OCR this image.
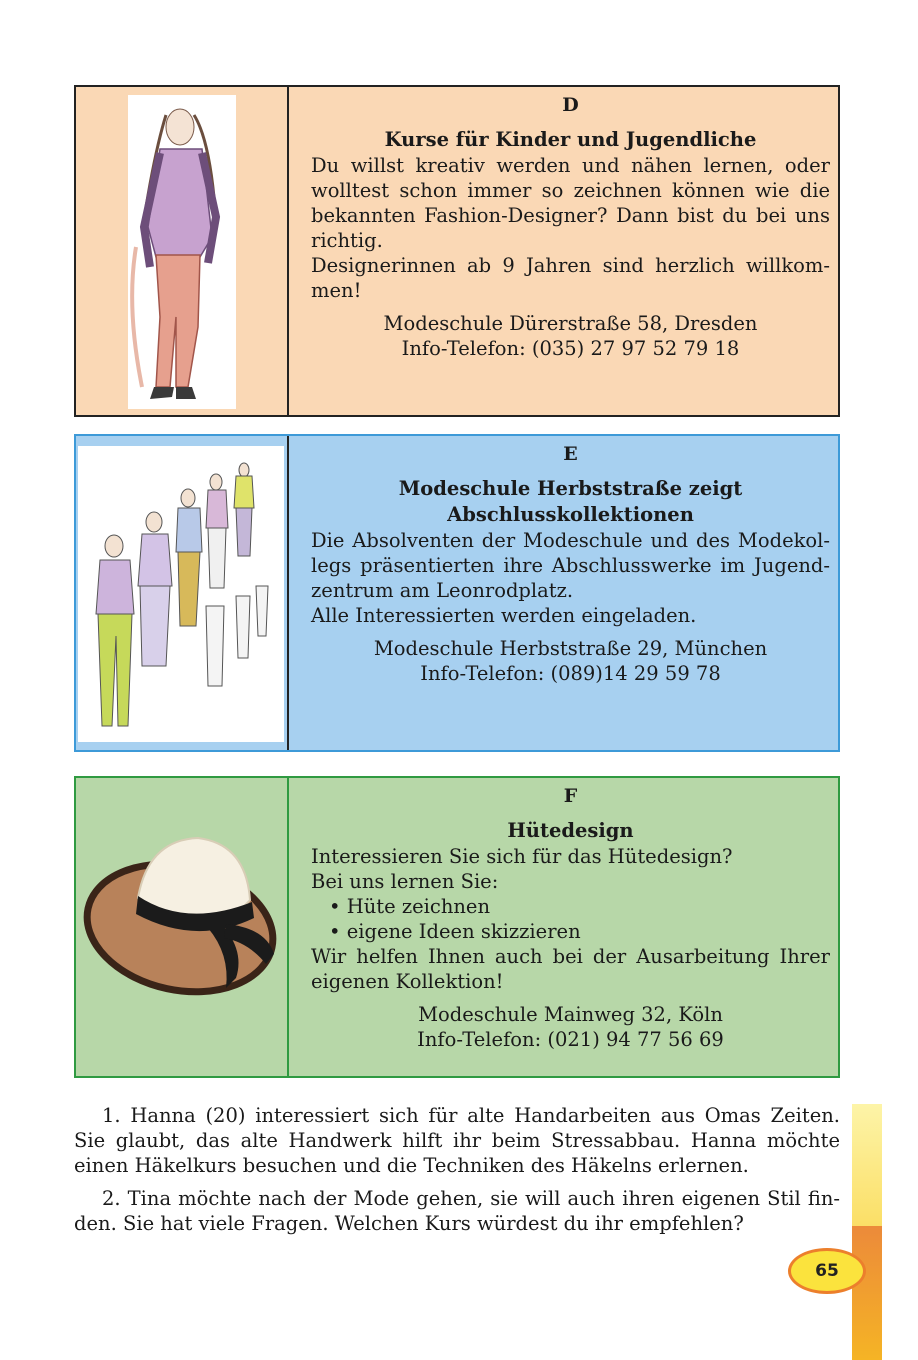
D
Kurse für Kinder und Jugendliche

Du willst kreativ werden und nähen lernen, oder wolltest schon immer so zeichnen können wie die bekannten Fashion-Designer? Dann bist du bei uns richtig.

Designerinnen ab 9 Jahren sind herzlich willkom-men!

Modeschule Dürerstraße 58, Dresden
Info-Telefon: (035) 27 97 52 79 18
E
Modeschule Herbststraße zeigt
Abschlusskollektionen

Die Absolventen der Modeschule und des Modekol-legs präsentierten ihre Abschlusswerke im Jugend-zentrum am Leonrodplatz.

Alle Interessierten werden eingeladen.

Modeschule Herbststraße 29, München
Info-Telefon: (089)14 29 59 78
F
Hütedesign

Interessieren Sie sich für das Hütedesign?

Bei uns lernen Sie:

• Hüte zeichnen
• eigene Ideen skizzieren

Wir helfen Ihnen auch bei der Ausarbeitung Ihrer eigenen Kollektion!

Modeschule Mainweg 32, Köln
Info-Telefon: (021) 94 77 56 69

1. Hanna (20) interessiert sich für alte Handarbeiten aus Omas Zeiten. Sie glaubt, das alte Handwerk hilft ihr beim Stressabbau. Hanna möchte einen Häkelkurs besuchen und die Techniken des Häkelns erlernen.

2. Tina möchte nach der Mode gehen, sie will auch ihren eigenen Stil fin-den. Sie hat viele Fragen. Welchen Kurs würdest du ihr empfehlen?

65
